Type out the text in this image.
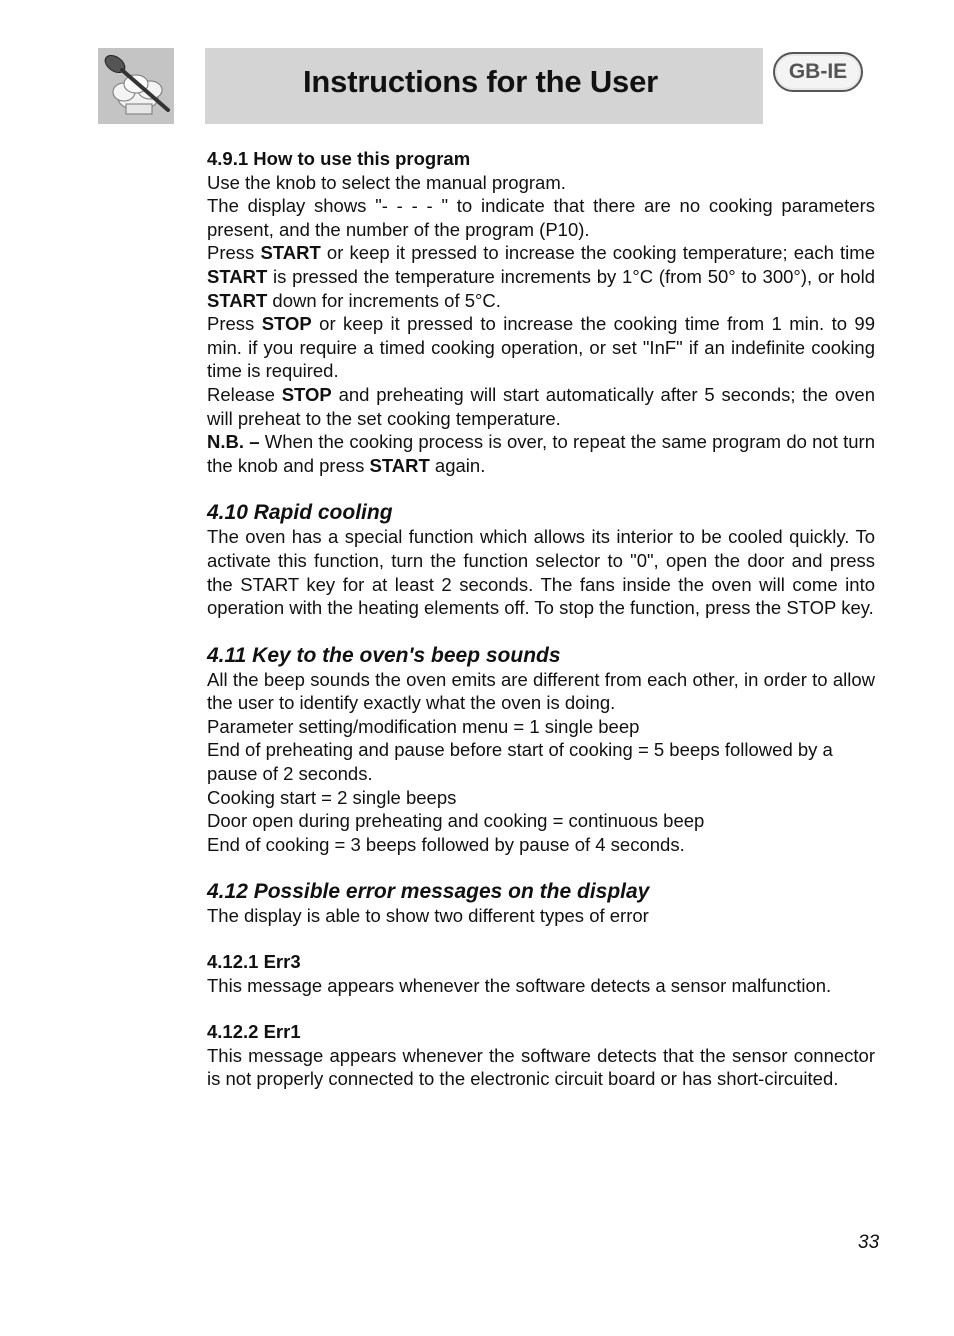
Instructions for the User	GB-IE
4.9.1 How to use this program

Use the knob to select the manual program.

The display shows "- - - - " to indicate that there are no cooking parameters present, and the number of the program (P10).

Press START or keep it pressed to increase the cooking temperature; each time START is pressed the temperature increments by 1°C (from 50° to 300°), or hold START down for increments of 5°C.

Press STOP or keep it pressed to increase the cooking time from 1 min. to 99 min. if you require a timed cooking operation, or set "InF" if an indefinite cooking time is required.

Release STOP and preheating will start automatically after 5 seconds; the oven will preheat to the set cooking temperature.

N.B. – When the cooking process is over, to repeat the same program do not turn the knob and press START again.

4.10 Rapid cooling

The oven has a special function which allows its interior to be cooled quickly. To activate this function, turn the function selector to "0", open the door and press the START key for at least 2 seconds. The fans inside the oven will come into operation with the heating elements off. To stop the function, press the STOP key.

4.11 Key to the oven's beep sounds

All the beep sounds the oven emits are different from each other, in order to allow the user to identify exactly what the oven is doing.

Parameter setting/modification menu = 1 single beep

End of preheating and pause before start of cooking = 5 beeps followed by a pause of 2 seconds.

Cooking start = 2 single beeps

Door open during preheating and cooking = continuous beep

End of cooking = 3 beeps followed by pause of 4 seconds.

4.12 Possible error messages on the display

The display is able to show two different types of error

4.12.1 Err3

This message appears whenever the software detects a sensor malfunction.

4.12.2 Err1

This message appears whenever the software detects that the sensor connector is not properly connected to the electronic circuit board or has short-circuited.

33
